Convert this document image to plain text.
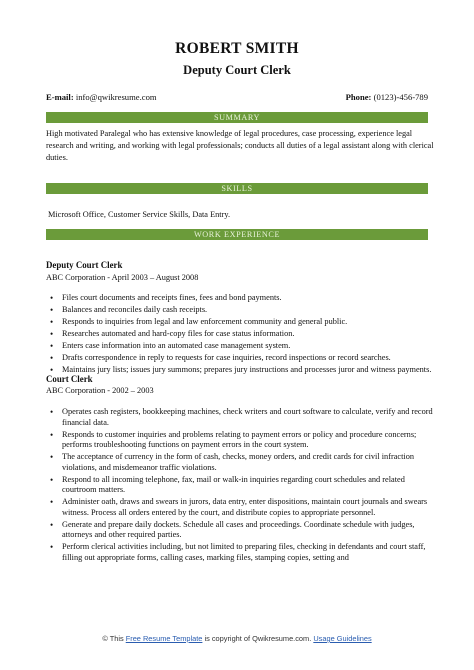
ROBERT SMITH
Deputy Court Clerk
E-mail: info@qwikresume.com	Phone: (0123)-456-789
SUMMARY
High motivated Paralegal who has extensive knowledge of legal procedures, case processing, experience legal research and writing, and working with legal professionals; conducts all duties of a legal assistant along with clerical duties.
SKILLS
Microsoft Office, Customer Service Skills, Data Entry.
WORK EXPERIENCE
Deputy Court Clerk
ABC Corporation - April 2003 – August 2008
• Files court documents and receipts fines, fees and bond payments.
• Balances and reconciles daily cash receipts.
• Responds to inquiries from legal and law enforcement community and general public.
• Researches automated and hard-copy files for case status information.
• Enters case information into an automated case management system.
• Drafts correspondence in reply to requests for case inquiries, record inspections or record searches.
• Maintains jury lists; issues jury summons; prepares jury instructions and processes juror and witness payments.
Court Clerk
ABC Corporation - 2002 – 2003
• Operates cash registers, bookkeeping machines, check writers and court software to calculate, verify and record financial data.
• Responds to customer inquiries and problems relating to payment errors or policy and procedure concerns; performs troubleshooting functions on payment errors in the court system.
• The acceptance of currency in the form of cash, checks, money orders, and credit cards for civil infraction violations, and misdemeanor traffic violations.
• Respond to all incoming telephone, fax, mail or walk-in inquiries regarding court schedules and related courtroom matters.
• Administer oath, draws and swears in jurors, data entry, enter dispositions, maintain court journals and swears witness. Process all orders entered by the court, and distribute copies to appropriate personnel.
• Generate and prepare daily dockets. Schedule all cases and proceedings. Coordinate schedule with judges, attorneys and other required parties.
• Perform clerical activities including, but not limited to preparing files, checking in defendants and court staff, filling out appropriate forms, calling cases, marking files, stamping copies, setting and
© This Free Resume Template is copyright of Qwikresume.com. Usage Guidelines
